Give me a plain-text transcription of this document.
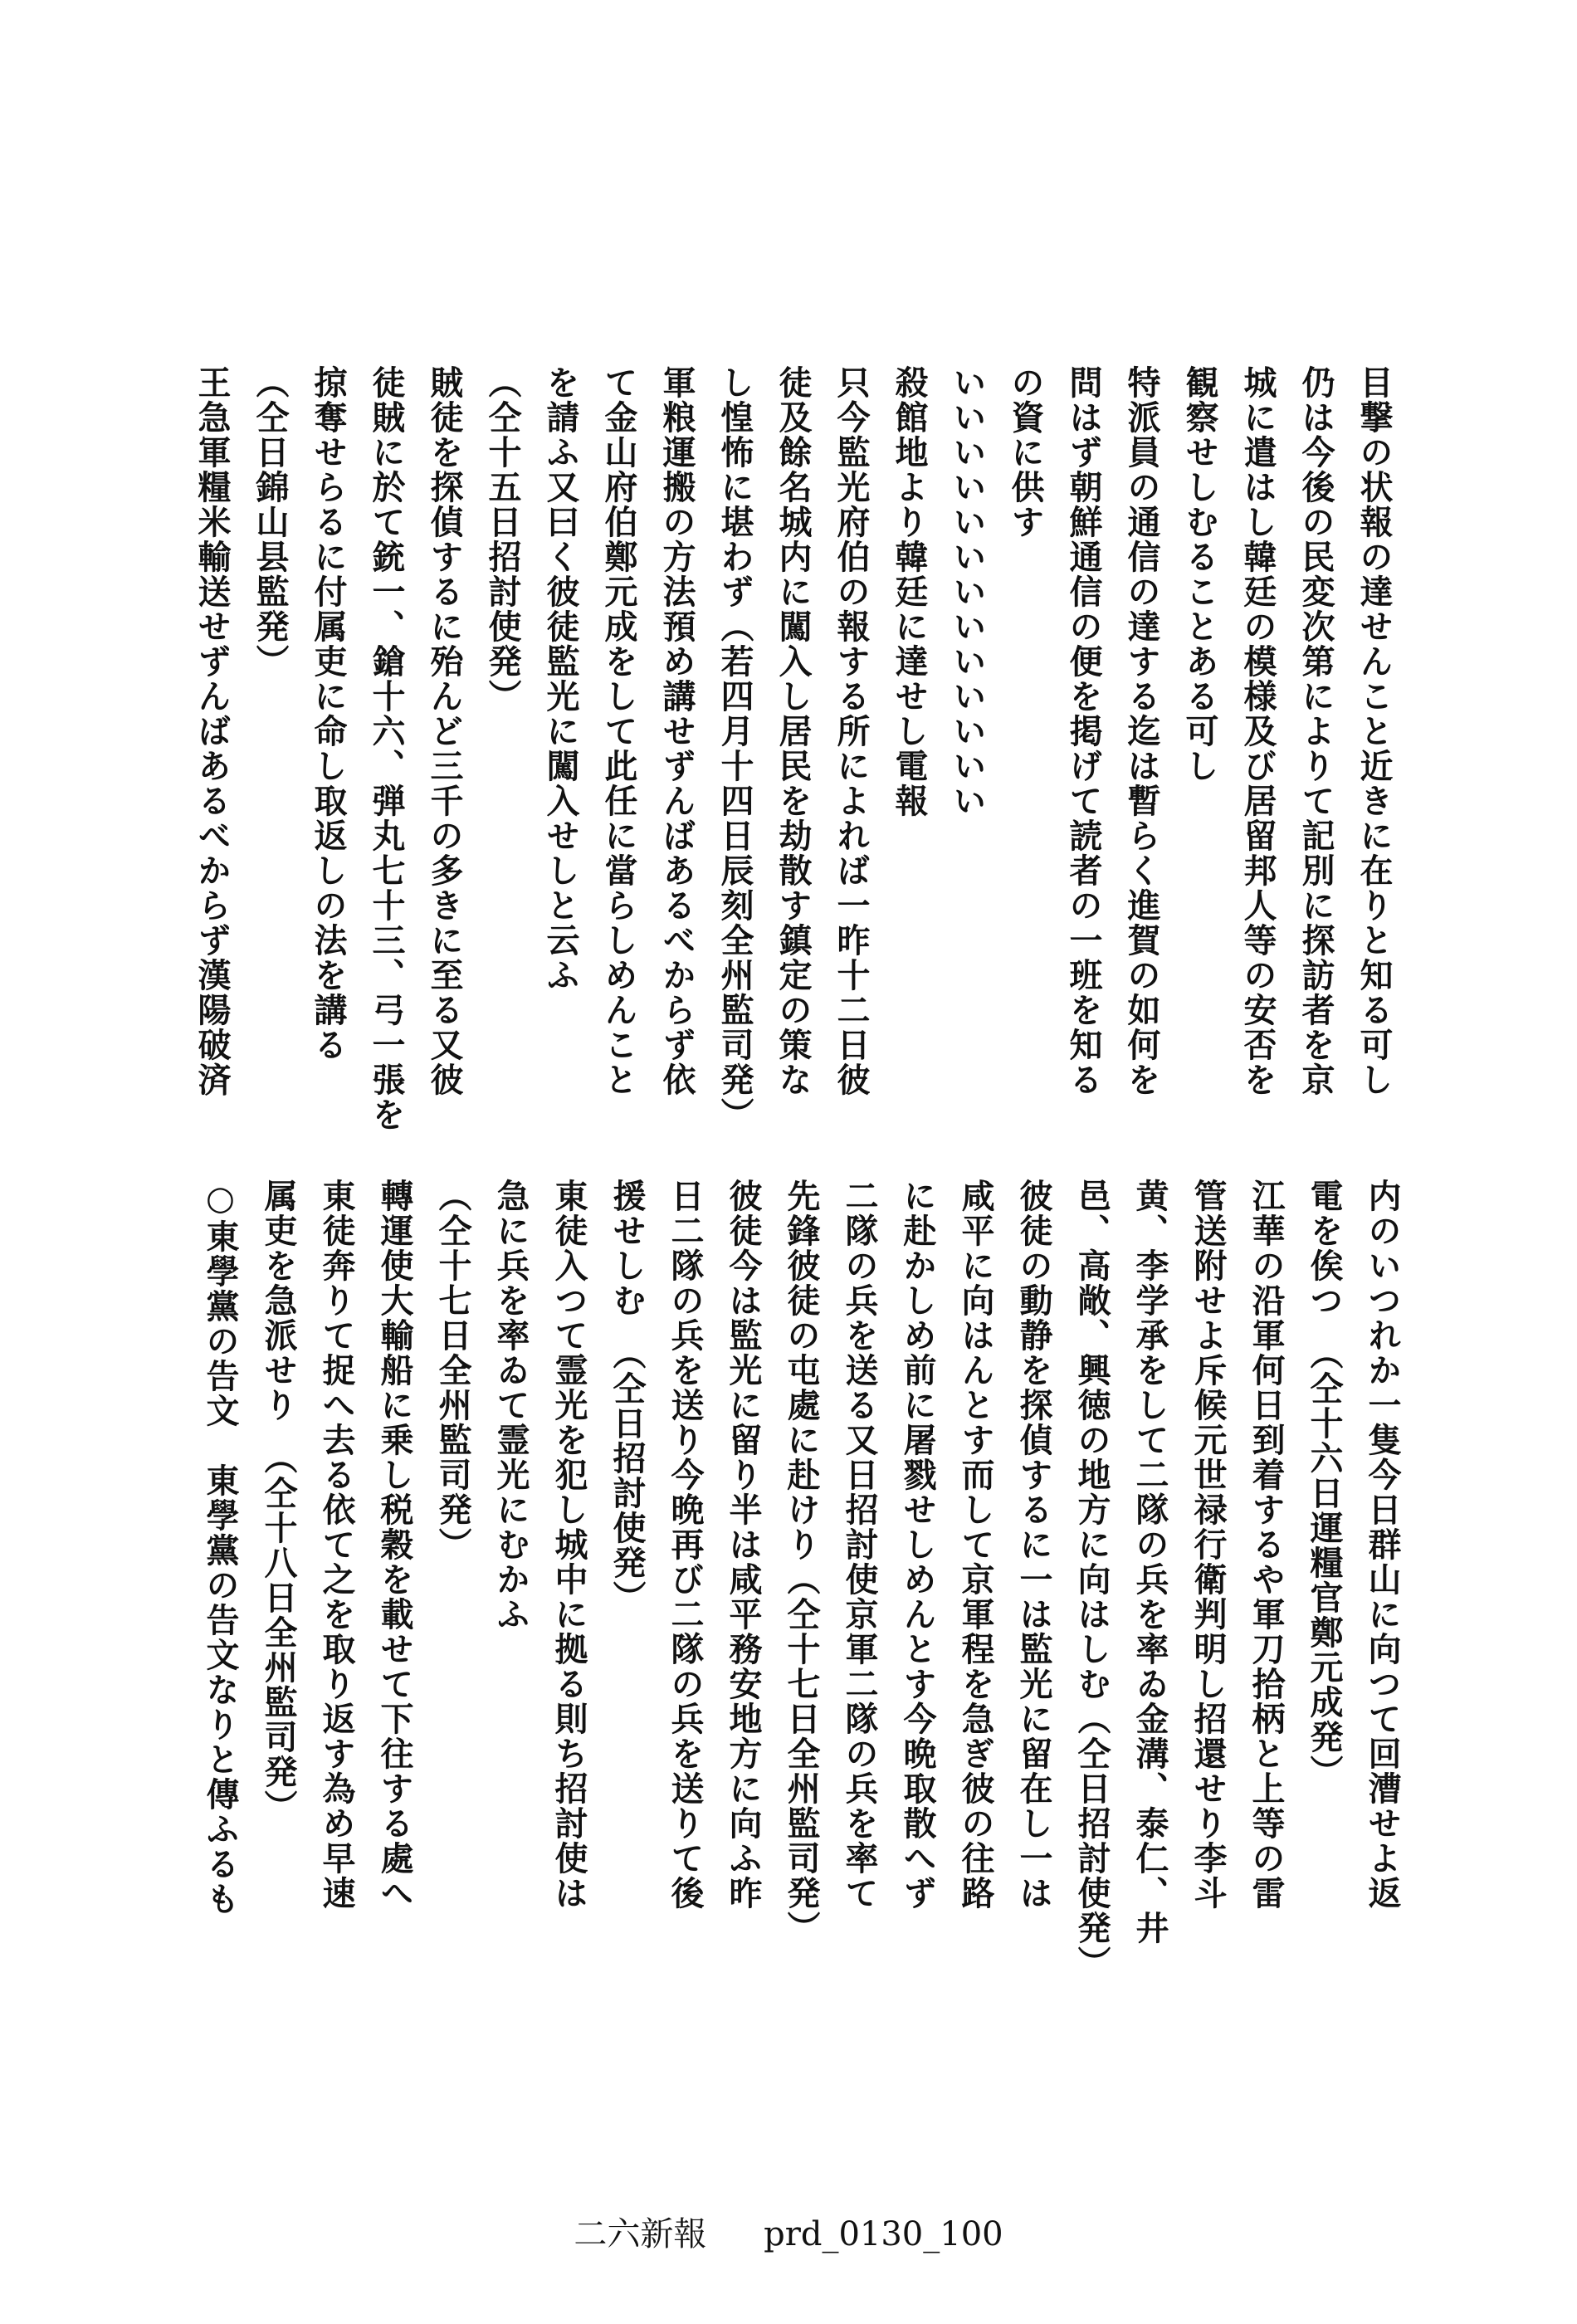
目撃の状報の達せんこと近きに在りと知る可し
仍は今後の民変次第によりて記別に探訪者を京
城に遣はし韓廷の模様及び居留邦人等の安否を
観察せしむることある可し
特派員の通信の達する迄は暫らく進賀の如何を
問はず朝鮮通信の便を掲げて読者の一班を知る
の資に供す
いいいいいいいいいいいいい
殺館地より韓廷に達せし電報
只今監光府伯の報する所によれば一昨十二日彼
徒及餘名城内に闖入し居民を劫散す鎮定の策な
し惶怖に堪わず（若四月十四日辰刻全州監司発）
軍粮運搬の方法預め講せずんばあるべからず依
て金山府伯鄭元成をして此任に當らしめんこと
を請ふ又曰く彼徒監光に闖入せしと云ふ
（仝十五日招討使発）
賊徒を探偵するに殆んど三千の多きに至る又彼
徒賊に於て銃一、鎗十六、弾丸七十三、弓一張を
掠奪せらるに付属吏に命し取返しの法を講る
（仝日錦山县監発）
王急軍糧米輸送せずんばあるべからず漢陽破済
内のいつれか一隻今日群山に向つて回漕せよ返
電を俟つ　（仝十六日運糧官鄭元成発）
江華の沿軍何日到着するや軍刀拾柄と上等の雷
管送附せよ斥候元世禄行衛判明し招還せり李斗
黄、李学承をして二隊の兵を率ゐ金溝、泰仁、井
邑、高敞、興徳の地方に向はしむ（仝日招討使発）
彼徒の動静を探偵するに一は監光に留在し一は
咸平に向はんとす而して京軍程を急ぎ彼の往路
に赴かしめ前に屠戮せしめんとす今晩取散へず
二隊の兵を送る又日招討使京軍二隊の兵を率て
先鋒彼徒の屯處に赴けり（仝十七日全州監司発）
彼徒今は監光に留り半は咸平務安地方に向ふ昨
日二隊の兵を送り今晩再び二隊の兵を送りて後
援せしむ　（仝日招討使発）
東徒入つて霊光を犯し城中に拠る則ち招討使は
急に兵を率ゐて霊光にむかふ
（仝十七日全州監司発）
轉運使大輸船に乗し税穀を載せて下往する處へ
東徒奔りて捉へ去る依て之を取り返す為め早速
属吏を急派せり　（仝十八日全州監司発）
○東學黨の告文　東學黨の告文なりと傳ふるも
二六新報 prd_0130_100
